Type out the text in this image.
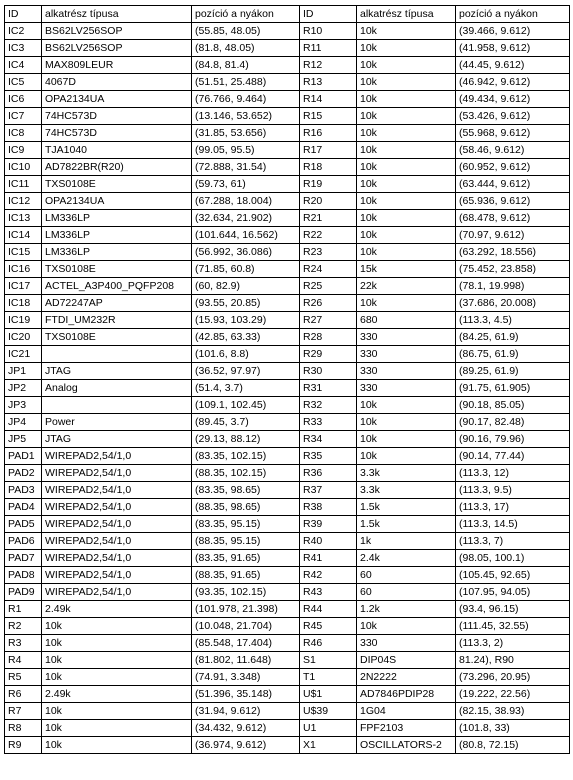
ID	alkatrész típusa	pozíció a nyákon	ID	alkatrész típusa	pozíció a nyákon
IC2	BS62LV256SOP	(55.85, 48.05)	R10	10k	(39.466, 9.612)
IC3	BS62LV256SOP	(81.8, 48.05)	R11	10k	(41.958, 9.612)
IC4	MAX809LEUR	(84.8, 81.4)	R12	10k	(44.45, 9.612)
IC5	4067D	(51.51, 25.488)	R13	10k	(46.942, 9.612)
IC6	OPA2134UA	(76.766, 9.464)	R14	10k	(49.434, 9.612)
IC7	74HC573D	(13.146, 53.652)	R15	10k	(53.426, 9.612)
IC8	74HC573D	(31.85, 53.656)	R16	10k	(55.968, 9.612)
IC9	TJA1040	(99.05, 95.5)	R17	10k	(58.46, 9.612)
IC10	AD7822BR(R20)	(72.888, 31.54)	R18	10k	(60.952, 9.612)
IC11	TXS0108E	(59.73, 61)	R19	10k	(63.444, 9.612)
IC12	OPA2134UA	(67.288, 18.004)	R20	10k	(65.936, 9.612)
IC13	LM336LP	(32.634, 21.902)	R21	10k	(68.478, 9.612)
IC14	LM336LP	(101.644, 16.562)	R22	10k	(70.97, 9.612)
IC15	LM336LP	(56.992, 36.086)	R23	10k	(63.292, 18.556)
IC16	TXS0108E	(71.85, 60.8)	R24	15k	(75.452, 23.858)
IC17	ACTEL_A3P400_PQFP208	(60, 82.9)	R25	22k	(78.1, 19.998)
IC18	AD72247AP	(93.55, 20.85)	R26	10k	(37.686, 20.008)
IC19	FTDI_UM232R	(15.93, 103.29)	R27	680	(113.3, 4.5)
IC20	TXS0108E	(42.85, 63.33)	R28	330	(84.25, 61.9)
IC21		(101.6, 8.8)	R29	330	(86.75, 61.9)
JP1	JTAG	(36.52, 97.97)	R30	330	(89.25, 61.9)
JP2	Analog	(51.4, 3.7)	R31	330	(91.75, 61.905)
JP3		(109.1, 102.45)	R32	10k	(90.18, 85.05)
JP4	Power	(89.45, 3.7)	R33	10k	(90.17, 82.48)
JP5	JTAG	(29.13, 88.12)	R34	10k	(90.16, 79.96)
PAD1	WIREPAD2,54/1,0	(83.35, 102.15)	R35	10k	(90.14, 77.44)
PAD2	WIREPAD2,54/1,0	(88.35, 102.15)	R36	3.3k	(113.3, 12)
PAD3	WIREPAD2,54/1,0	(83.35, 98.65)	R37	3.3k	(113.3, 9.5)
PAD4	WIREPAD2,54/1,0	(88.35, 98.65)	R38	1.5k	(113.3, 17)
PAD5	WIREPAD2,54/1,0	(83.35, 95.15)	R39	1.5k	(113.3, 14.5)
PAD6	WIREPAD2,54/1,0	(88.35, 95.15)	R40	1k	(113.3, 7)
PAD7	WIREPAD2,54/1,0	(83.35, 91.65)	R41	2.4k	(98.05, 100.1)
PAD8	WIREPAD2,54/1,0	(88.35, 91.65)	R42	60	(105.45, 92.65)
PAD9	WIREPAD2,54/1,0	(93.35, 102.15)	R43	60	(107.95, 94.05)
R1	2.49k	(101.978, 21.398)	R44	1.2k	(93.4, 96.15)
R2	10k	(10.048, 21.704)	R45	10k	(111.45, 32.55)
R3	10k	(85.548, 17.404)	R46	330	(113.3, 2)
R4	10k	(81.802, 11.648)	S1	DIP04S	81.24), R90
R5	10k	(74.91, 3.348)	T1	2N2222	(73.296, 20.95)
R6	2.49k	(51.396, 35.148)	U$1	AD7846PDIP28	(19.222, 22.56)
R7	10k	(31.94, 9.612)	U$39	1G04	(82.15, 38.93)
R8	10k	(34.432, 9.612)	U1	FPF2103	(101.8, 33)
R9	10k	(36.974, 9.612)	X1	OSCILLATORS-2	(80.8, 72.15)
